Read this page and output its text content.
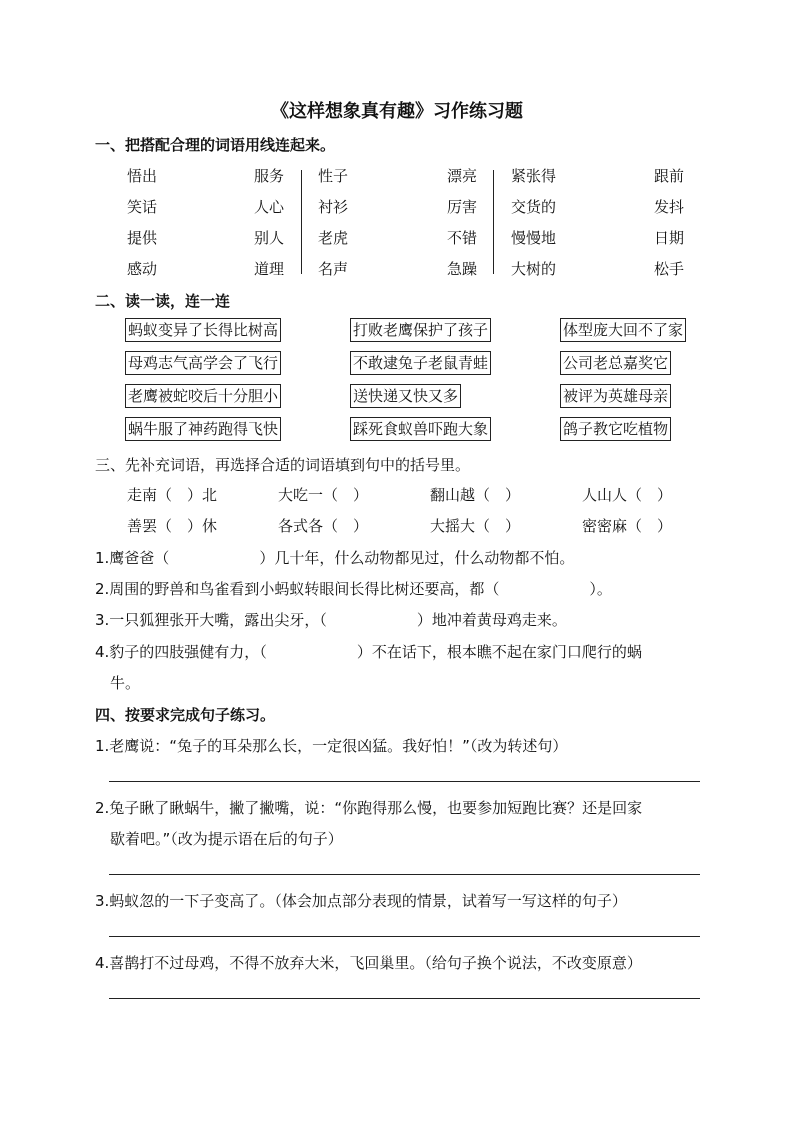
《这样想象真有趣》习作练习题
一、把搭配合理的词语用线连起来。
悟出	服务 性子	漂亮 紧张得	跟前
笑话	人心 衬衫	厉害 交货的	发抖
提供	别人 老虎	不错 慢慢地	日期
感动	道理 名声	急躁 大树的	松手
二、读一读，连一连
蚂蚁变异了长得比树高	打败老鹰保护了孩子	体型庞大回不了家
母鸡志气高学会了飞行	不敢逮兔子老鼠青蛙	公司老总嘉奖它
老鹰被蛇咬后十分胆小	送快递又快又多	被评为英雄母亲
蜗牛服了神药跑得飞快	踩死食蚁兽吓跑大象	鸽子教它吃植物
三、先补充词语，再选择合适的词语填到句中的括号里。
走南（　）北	大吃一（　）	翻山越（　）	人山人（　）
善罢（　）休	各式各（　）	大摇大（　）	密密麻（　）
1.鹰爸爸（　　　　　　）几十年，什么动物都见过，什么动物都不怕。
2.周围的野兽和鸟雀看到小蚂蚁转眼间长得比树还要高，都（　　　　　　）。
3.一只狐狸张开大嘴，露出尖牙，（　　　　　　）地冲着黄母鸡走来。
4.豹子的四肢强健有力，（　　　　　　）不在话下，根本瞧不起在家门口爬行的蜗
牛。
四、按要求完成句子练习。
1.老鹰说：“兔子的耳朵那么长，一定很凶猛。我好怕！”（改为转述句）
2.兔子瞅了瞅蜗牛，撇了撇嘴，说：“你跑得那么慢，也要参加短跑比赛？还是回家
歇着吧。”（改为提示语在后的句子）
3.蚂蚁忽的一下子变高了。（体会加点部分表现的情景，试着写一写这样的句子）
4.喜鹊打不过母鸡，不得不放弃大米，飞回巢里。（给句子换个说法，不改变原意）
